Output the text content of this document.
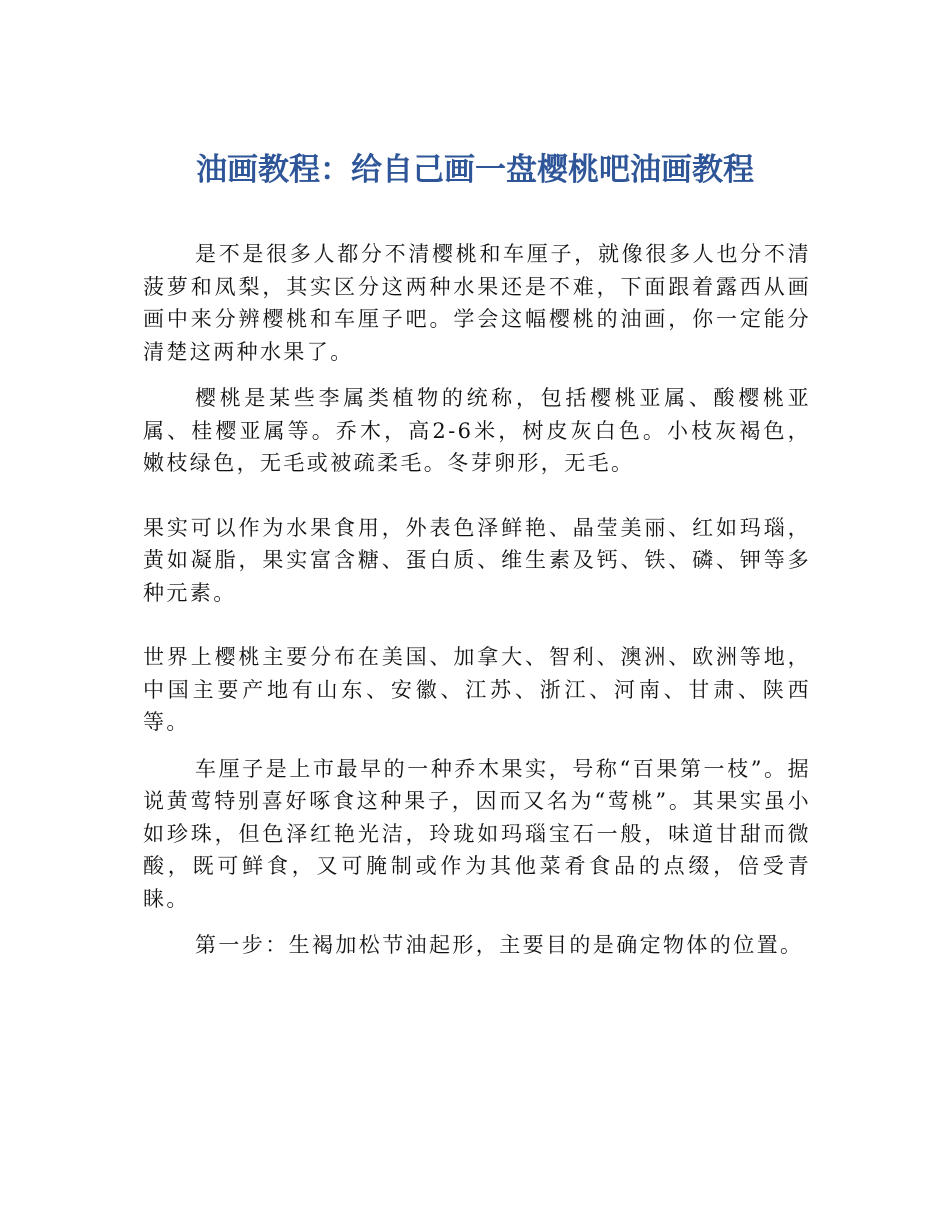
油画教程：给自己画一盘樱桃吧油画教程

是不是很多人都分不清樱桃和车厘子，就像很多人也分不清菠萝和凤梨，其实区分这两种水果还是不难，下面跟着露西从画画中来分辨樱桃和车厘子吧。学会这幅樱桃的油画，你一定能分清楚这两种水果了。

樱桃是某些李属类植物的统称，包括樱桃亚属、酸樱桃亚属、桂樱亚属等。乔木，高2-6米，树皮灰白色。小枝灰褐色，嫩枝绿色，无毛或被疏柔毛。冬芽卵形，无毛。

果实可以作为水果食用，外表色泽鲜艳、晶莹美丽、红如玛瑙，黄如凝脂，果实富含糖、蛋白质、维生素及钙、铁、磷、钾等多种元素。

世界上樱桃主要分布在美国、加拿大、智利、澳洲、欧洲等地，中国主要产地有山东、安徽、江苏、浙江、河南、甘肃、陕西等。

车厘子是上市最早的一种乔木果实，号称“百果第一枝”。据说黄莺特别喜好啄食这种果子，因而又名为“莺桃”。其果实虽小如珍珠，但色泽红艳光洁，玲珑如玛瑙宝石一般，味道甘甜而微酸，既可鲜食，又可腌制或作为其他菜肴食品的点缀，倍受青睐。

第一步：生褐加松节油起形，主要目的是确定物体的位置。
